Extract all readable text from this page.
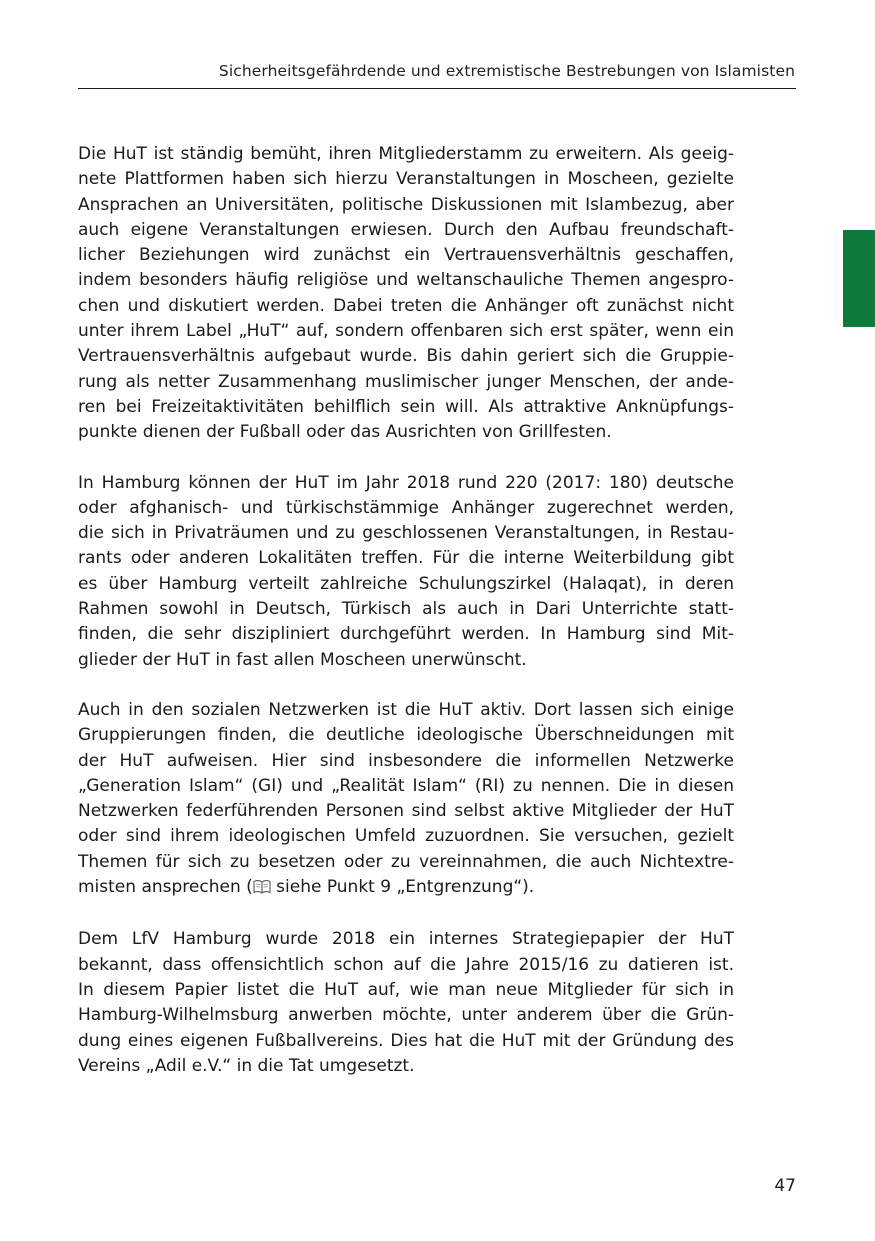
Sicherheitsgefährdende und extremistische Bestrebungen von Islamisten
Die HuT ist ständig bemüht, ihren Mitgliederstamm zu erweitern. Als geeig-
nete Plattformen haben sich hierzu Veranstaltungen in Moscheen, gezielte
Ansprachen an Universitäten, politische Diskussionen mit Islambezug, aber
auch eigene Veranstaltungen erwiesen. Durch den Aufbau freundschaft-
licher Beziehungen wird zunächst ein Vertrauensverhältnis geschaffen,
indem besonders häufig religiöse und weltanschauliche Themen angespro-
chen und diskutiert werden. Dabei treten die Anhänger oft zunächst nicht
unter ihrem Label „HuT“ auf, sondern offenbaren sich erst später, wenn ein
Vertrauensverhältnis aufgebaut wurde. Bis dahin geriert sich die Gruppie-
rung als netter Zusammenhang muslimischer junger Menschen, der ande-
ren bei Freizeitaktivitäten behilflich sein will. Als attraktive Anknüpfungs-
punkte dienen der Fußball oder das Ausrichten von Grillfesten.
In Hamburg können der HuT im Jahr 2018 rund 220 (2017: 180) deutsche
oder afghanisch- und türkischstämmige Anhänger zugerechnet werden,
die sich in Privaträumen und zu geschlossenen Veranstaltungen, in Restau-
rants oder anderen Lokalitäten treffen. Für die interne Weiterbildung gibt
es über Hamburg verteilt zahlreiche Schulungszirkel (Halaqat), in deren
Rahmen sowohl in Deutsch, Türkisch als auch in Dari Unterrichte statt-
finden, die sehr diszipliniert durchgeführt werden. In Hamburg sind Mit-
glieder der HuT in fast allen Moscheen unerwünscht.
Auch in den sozialen Netzwerken ist die HuT aktiv. Dort lassen sich einige
Gruppierungen finden, die deutliche ideologische Überschneidungen mit
der HuT aufweisen. Hier sind insbesondere die informellen Netzwerke
„Generation Islam“ (GI) und „Realität Islam“ (RI) zu nennen. Die in diesen
Netzwerken federführenden Personen sind selbst aktive Mitglieder der HuT
oder sind ihrem ideologischen Umfeld zuzuordnen. Sie versuchen, gezielt
Themen für sich zu besetzen oder zu vereinnahmen, die auch Nichtextre-
misten ansprechen ( siehe Punkt 9 „Entgrenzung“).
Dem LfV Hamburg wurde 2018 ein internes Strategiepapier der HuT
bekannt, dass offensichtlich schon auf die Jahre 2015/16 zu datieren ist.
In diesem Papier listet die HuT auf, wie man neue Mitglieder für sich in
Hamburg-Wilhelmsburg anwerben möchte, unter anderem über die Grün-
dung eines eigenen Fußballvereins. Dies hat die HuT mit der Gründung des
Vereins „Adil e.V.“ in die Tat umgesetzt.
47
